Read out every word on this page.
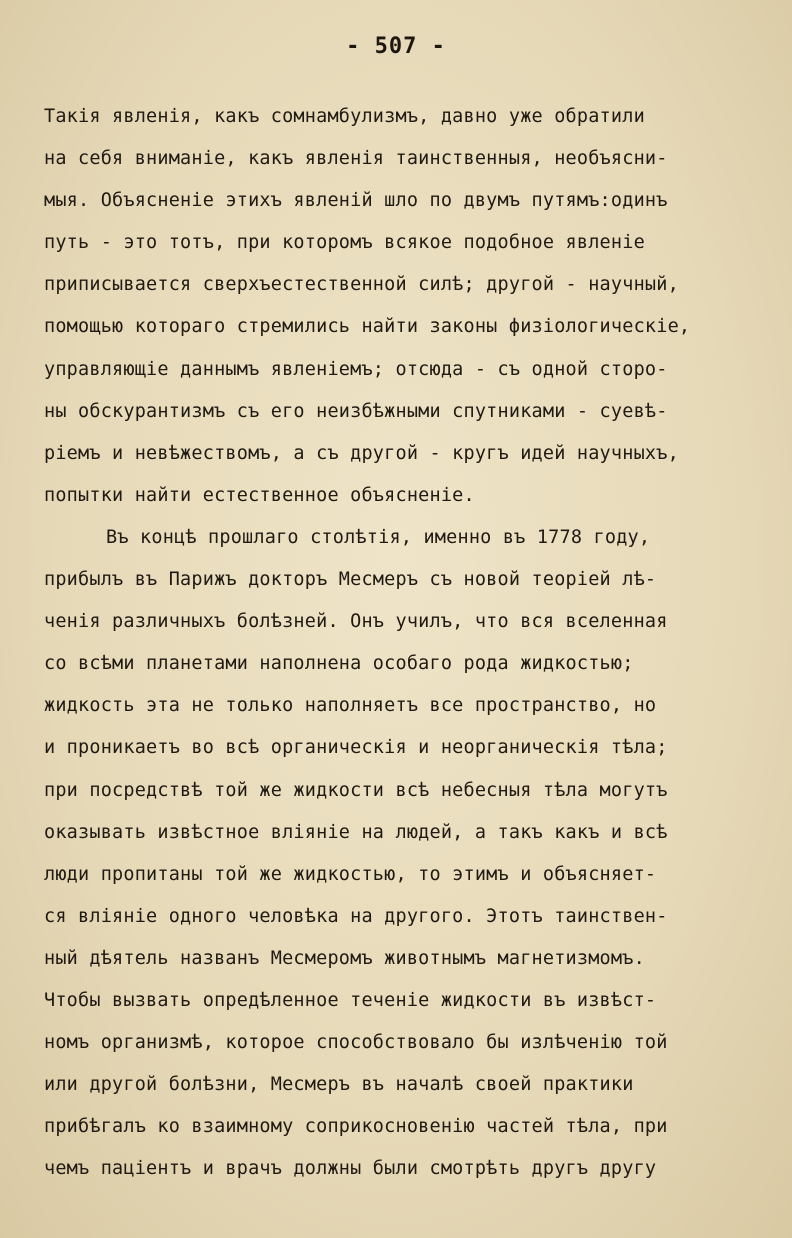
- 507 -
Такія явленія, какъ сомнамбулизмъ, давно уже обратили
на себя вниманіе, какъ явленія таинственныя, необъясни-
мыя. Объясненіе этихъ явленій шло по двумъ путямъ:одинъ
путь - это тотъ, при которомъ всякое подобное явленіе
приписывается сверхъестественной силѣ; другой - научный,
помощью котораго стремились найти законы физіологическіе,
управляющіе даннымъ явленіемъ; отсюда - съ одной сторо-
ны обскурантизмъ съ его неизбѣжными спутниками - суевѣ-
ріемъ и невѣжествомъ, а съ другой - кругъ идей научныхъ,
попытки найти естественное объясненіе.
Въ концѣ прошлаго столѣтія, именно въ 1778 году,
прибылъ въ Парижъ докторъ Месмеръ съ новой теоріей лѣ-
ченія различныхъ болѣзней. Онъ училъ, что вся вселенная
со всѣми планетами наполнена особаго рода жидкостью;
жидкость эта не только наполняетъ все пространство, но
и проникаетъ во всѣ органическія и неорганическія тѣла;
при посредствѣ той же жидкости всѣ небесныя тѣла могутъ
оказывать извѣстное вліяніе на людей, а такъ какъ и всѣ
люди пропитаны той же жидкостью, то этимъ и объясняет-
ся вліяніе одного человѣка на другого. Этотъ таинствен-
ный дѣятель названъ Месмеромъ животнымъ магнетизмомъ.
Чтобы вызвать опредѣленное теченіе жидкости въ извѣст-
номъ организмѣ, которое способствовало бы излѣченію той
или другой болѣзни, Месмеръ въ началѣ своей практики
прибѣгалъ ко взаимному соприкосновенію частей тѣла, при
чемъ паціентъ и врачъ должны были смотрѣть другъ другу
